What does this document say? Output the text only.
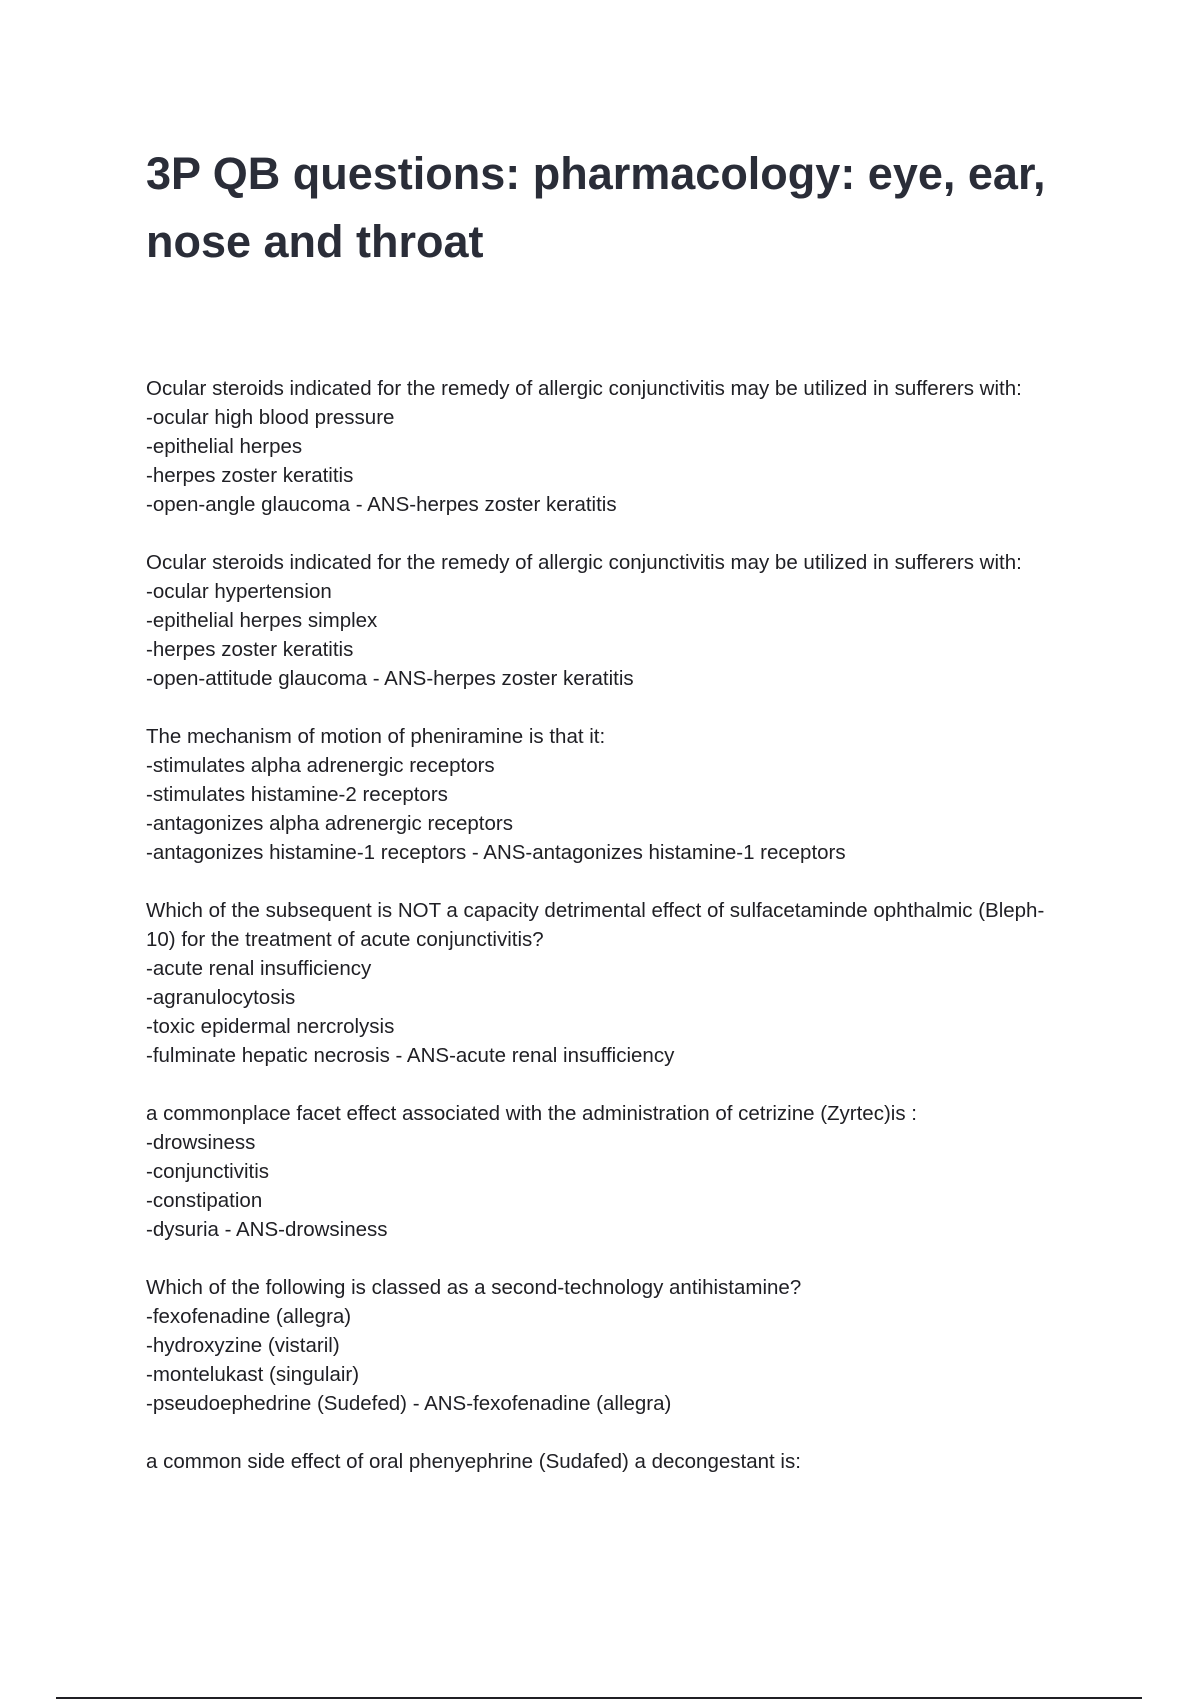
3P QB questions: pharmacology: eye, ear, nose and throat

Ocular steroids indicated for the remedy of allergic conjunctivitis may be utilized in sufferers with:

-ocular high blood pressure

-epithelial herpes

-herpes zoster keratitis

-open-angle glaucoma - ANS-herpes zoster keratitis

Ocular steroids indicated for the remedy of allergic conjunctivitis may be utilized in sufferers with:

-ocular hypertension

-epithelial herpes simplex

-herpes zoster keratitis

-open-attitude glaucoma - ANS-herpes zoster keratitis

The mechanism of motion of pheniramine is that it:

-stimulates alpha adrenergic receptors

-stimulates histamine-2 receptors

-antagonizes alpha adrenergic receptors

-antagonizes histamine-1 receptors - ANS-antagonizes histamine-1 receptors

Which of the subsequent is NOT a capacity detrimental effect of sulfacetaminde ophthalmic (Bleph-10) for the treatment of acute conjunctivitis?

-acute renal insufficiency

-agranulocytosis

-toxic epidermal nercrolysis

-fulminate hepatic necrosis - ANS-acute renal insufficiency

a commonplace facet effect associated with the administration of cetrizine (Zyrtec)is :

-drowsiness

-conjunctivitis

-constipation

-dysuria - ANS-drowsiness

Which of the following is classed as a second-technology antihistamine?

-fexofenadine (allegra)

-hydroxyzine (vistaril)

-montelukast (singulair)

-pseudoephedrine (Sudefed) - ANS-fexofenadine (allegra)

a common side effect of oral phenyephrine (Sudafed) a decongestant is:
